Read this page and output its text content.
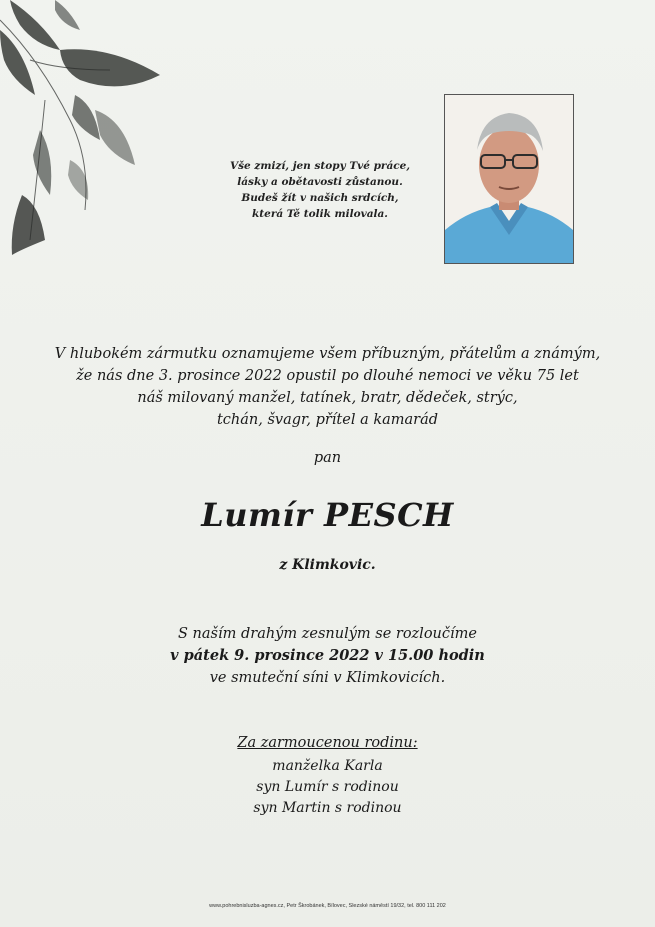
Vše zmizí, jen stopy Tvé práce,
lásky a obětavosti zůstanou.
Budeš žít v našich srdcích,
která Tě tolik milovala.
V hlubokém zármutku oznamujeme všem příbuzným, přátelům a známým,
že nás dne 3. prosince 2022 opustil po dlouhé nemoci ve věku 75 let
náš milovaný manžel, tatínek, bratr, dědeček, strýc,
tchán, švagr, přítel a kamarád
pan
Lumír PESCH
z Klimkovic.
S naším drahým zesnulým se rozloučíme
v pátek 9. prosince 2022 v 15.00 hodin
ve smuteční síni v Klimkovicích.
Za zarmoucenou rodinu:
manželka Karla
syn Lumír s rodinou
syn Martin s rodinou
www.pohrebnisluzba-agnes.cz, Petr Škrobánek, Bílovec, Slezské náměstí 19/32, tel. 800 111 202
